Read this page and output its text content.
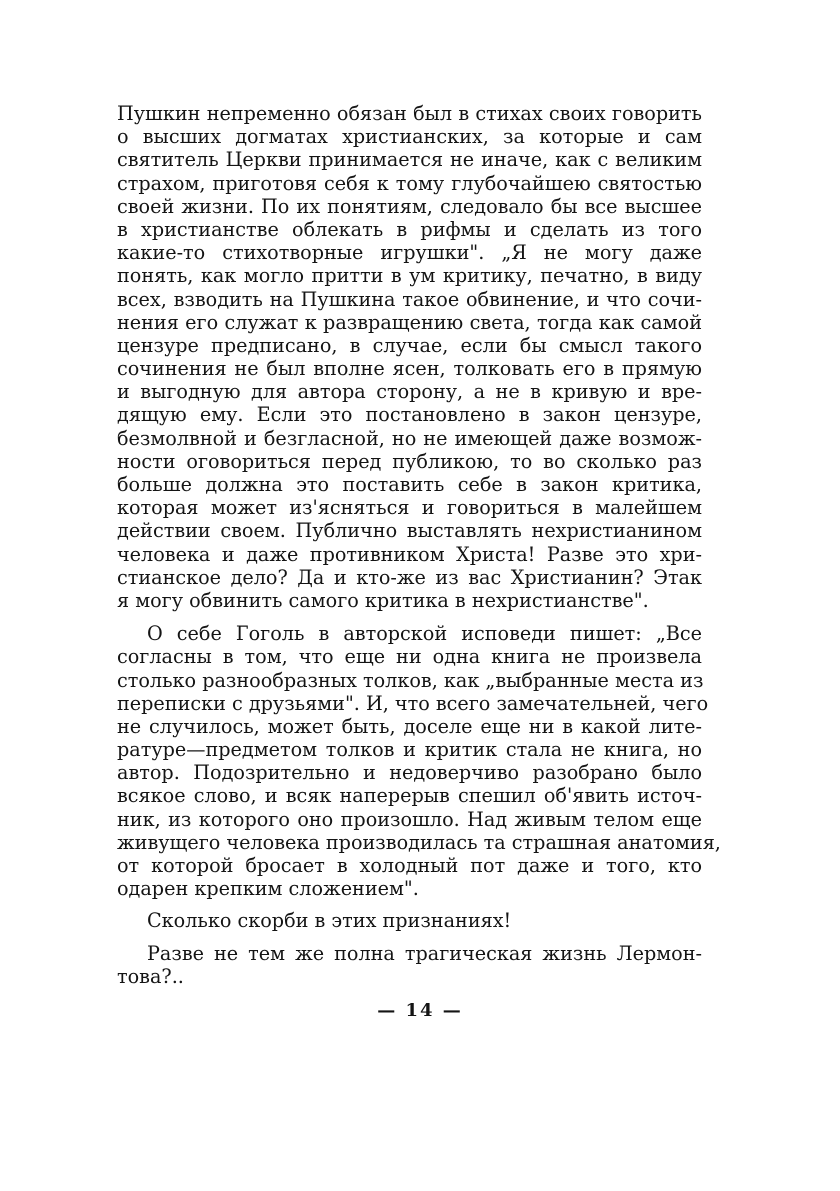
Пушкин непременно обязан был в стихах своих говорить
о высших догматах христианских, за которые и сам
святитель Церкви принимается не иначе, как с великим
страхом, приготовя себя к тому глубочайшею святостью
своей жизни. По их понятиям, следовало бы все высшее
в христианстве облекать в рифмы и сделать из того
какие-то стихотворные игрушки". „Я не могу даже
понять, как могло притти в ум критику, печатно, в виду
всех, взводить на Пушкина такое обвинение, и что сочи-
нения его служат к развращению света, тогда как самой
цензуре предписано, в случае, если бы смысл такого
сочинения не был вполне ясен, толковать его в прямую
и выгодную для автора сторону, а не в кривую и вре-
дящую ему. Если это постановлено в закон цензуре,
безмолвной и безгласной, но не имеющей даже возмож-
ности оговориться перед публикою, то во сколько раз
больше должна это поставить себе в закон критика,
которая может из'ясняться и говориться в малейшем
действии своем. Публично выставлять нехристианином
человека и даже противником Христа! Разве это хри-
стианское дело? Да и кто-же из вас Христианин? Этак
я могу обвинить самого критика в нехристианстве".
О себе Гоголь в авторской исповеди пишет: „Все
согласны в том, что еще ни одна книга не произвела
столько разнообразных толков, как „выбранные места из
переписки с друзьями". И, что всего замечательней, чего
не случилось, может быть, доселе еще ни в какой лите-
ратуре—предметом толков и критик стала не книга, но
автор. Подозрительно и недоверчиво разобрано было
всякое слово, и всяк наперерыв спешил об'явить источ-
ник, из которого оно произошло. Над живым телом еще
живущего человека производилась та страшная анатомия,
от которой бросает в холодный пот даже и того, кто
одарен крепким сложением".
Сколько скорби в этих признаниях!
Разве не тем же полна трагическая жизнь Лермон-
това?..
— 14 —
